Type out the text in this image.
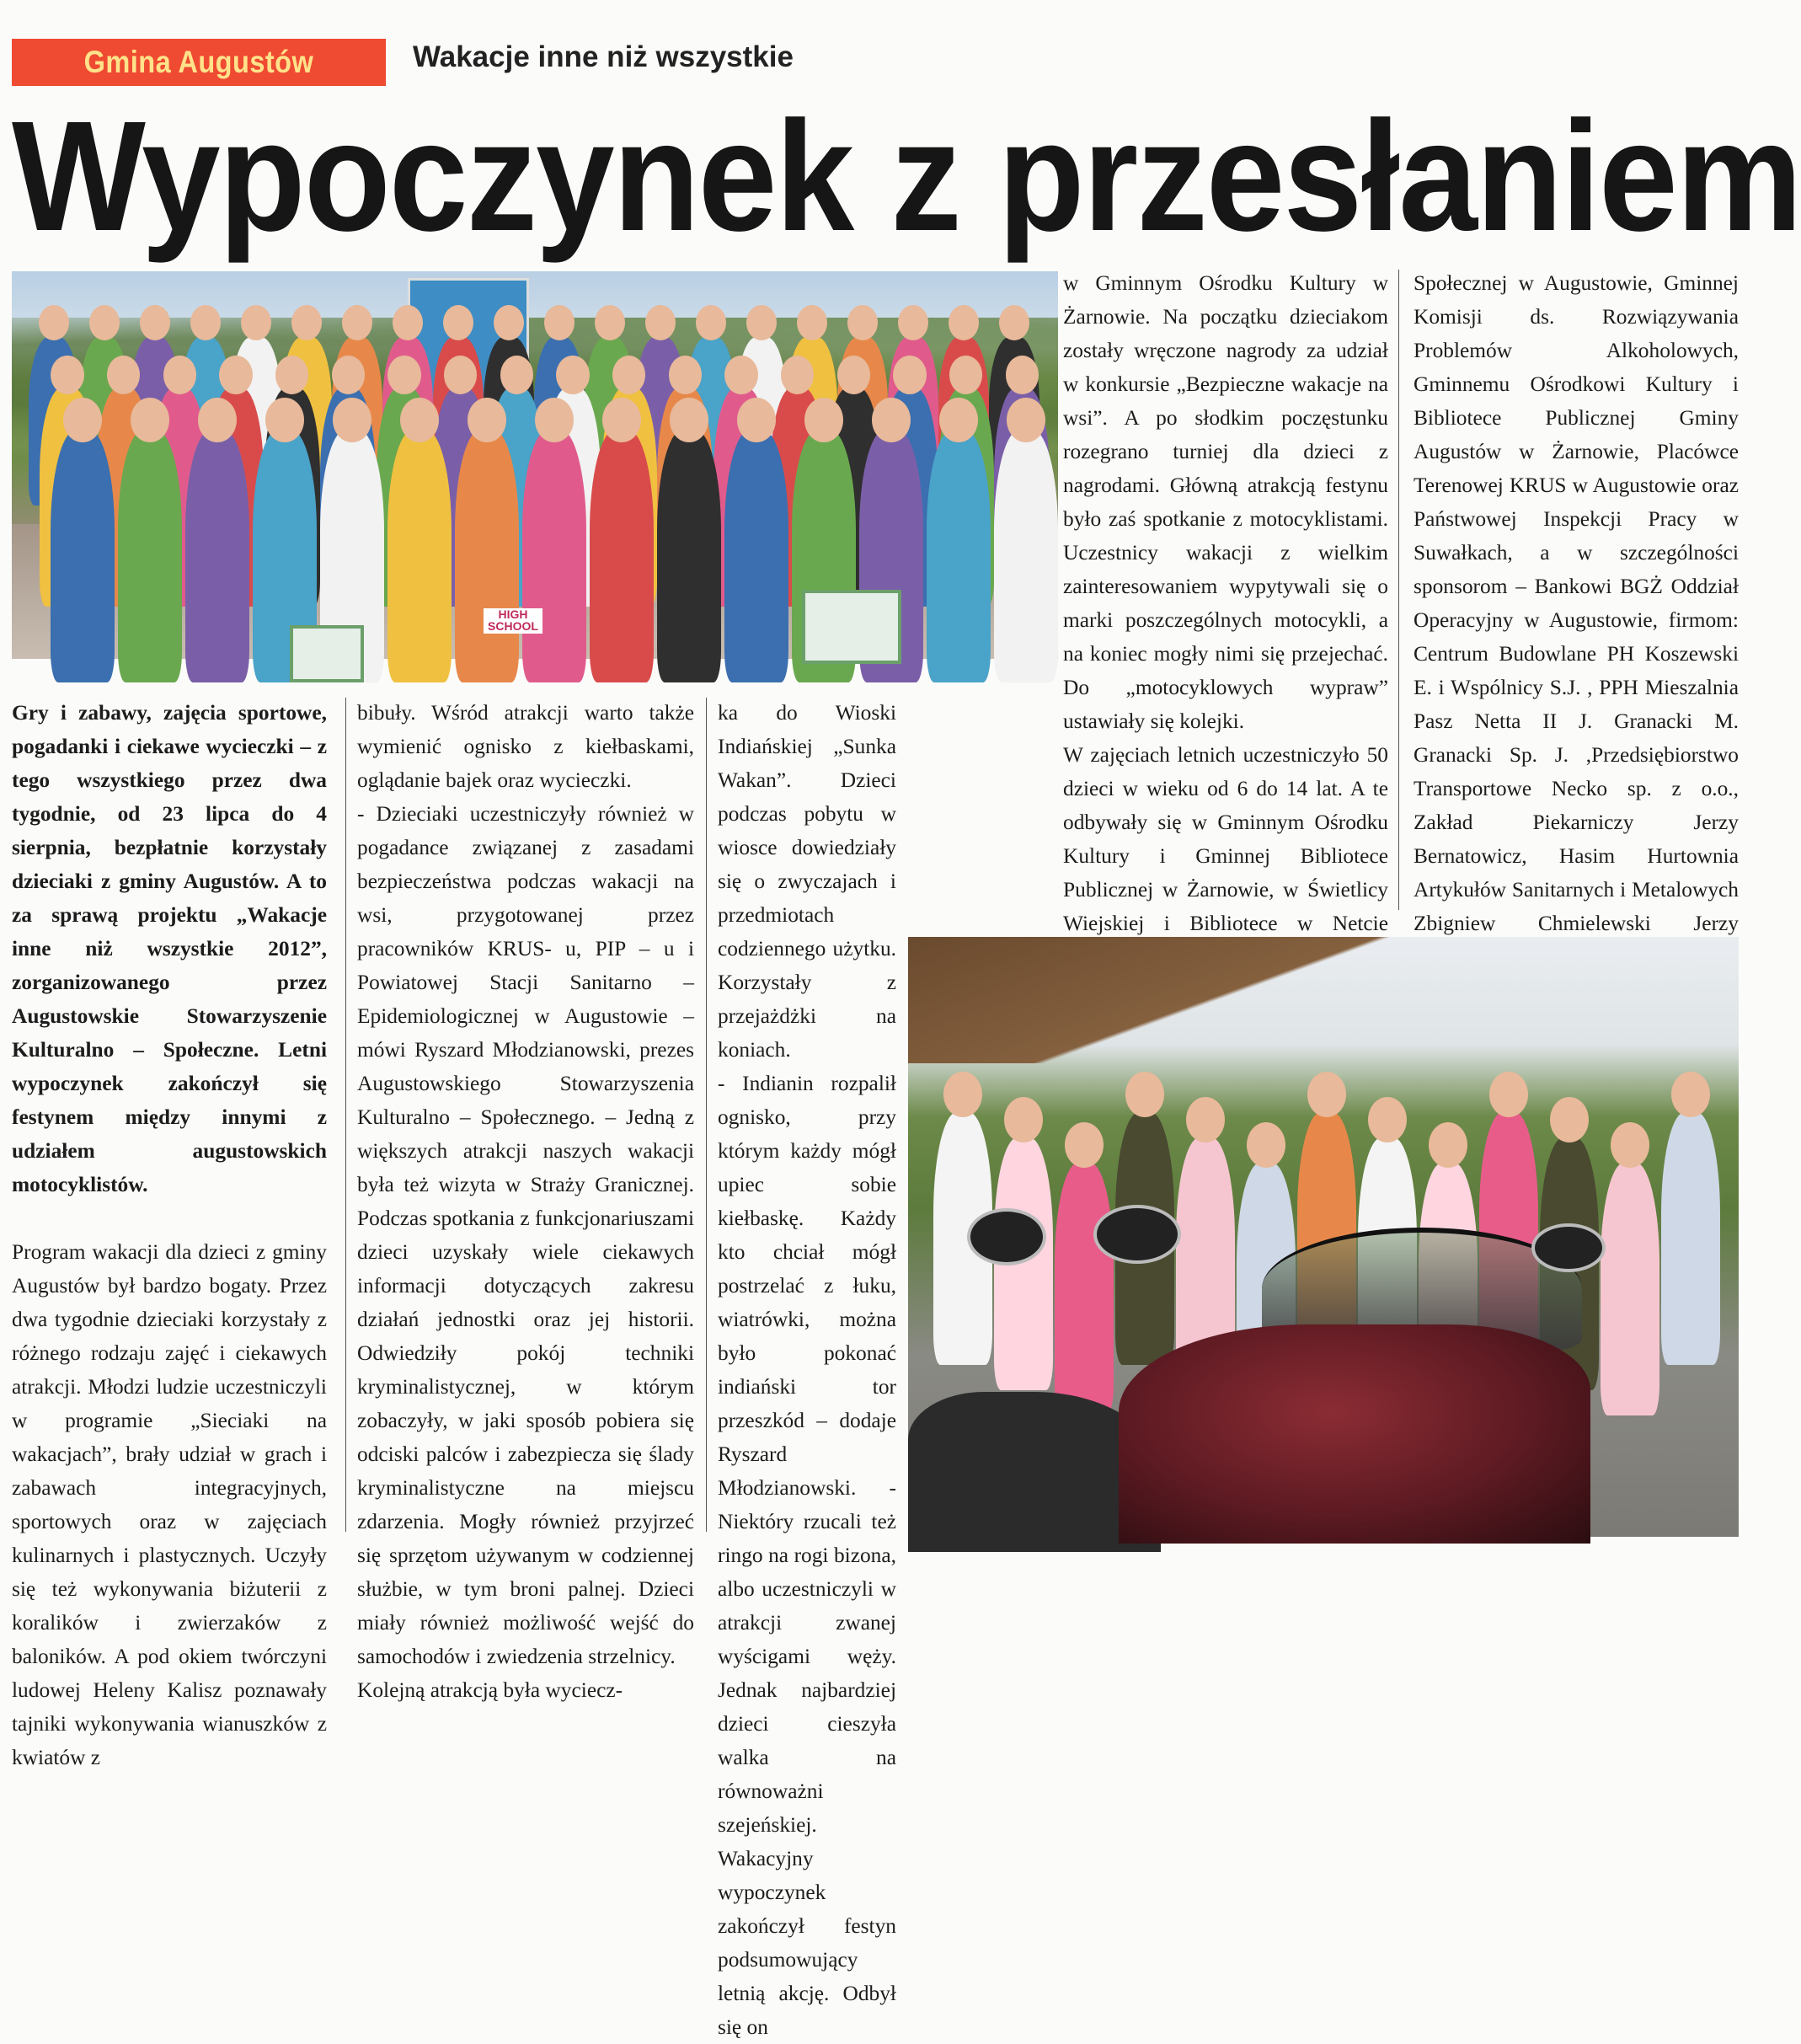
Gmina Augustów	Wakacje inne niż wszystkie
Wypoczynek z przesłaniem
HIGH SCHOOL

Gry i zabawy, zajęcia sportowe, pogadanki i ciekawe wycieczki – z tego wszystkiego przez dwa tygodnie, od 23 lipca do 4 sierpnia, bezpłatnie korzystały dzieciaki z gminy Augustów. A to za sprawą projektu „Wakacje inne niż wszystkie 2012”, zorganizowanego przez Augustowskie Stowarzyszenie Kulturalno – Społeczne. Letni wypoczynek zakończył się festynem między innymi z udziałem augustowskich motocyklistów.

Program wakacji dla dzieci z gminy Augustów był bardzo bogaty. Przez dwa tygodnie dzieciaki korzystały z różnego rodzaju zajęć i ciekawych atrakcji. Młodzi ludzie uczestniczyli w programie „Sieciaki na wakacjach”, brały udział w grach i zabawach integracyjnych, sportowych oraz w zajęciach kulinarnych i plastycznych. Uczyły się też wykonywania biżuterii z koralików i zwierzaków z baloników. A pod okiem twórczyni ludowej Heleny Kalisz poznawały tajniki wykonywania wianuszków z kwiatów z

bibuły. Wśród atrakcji warto także wymienić ognisko z kiełbaskami, oglądanie bajek oraz wycieczki.

- Dzieciaki uczestniczyły również w pogadance związanej z zasadami bezpieczeństwa podczas wakacji na wsi, przygotowanej przez pracowników KRUS- u, PIP – u i Powiatowej Stacji Sanitarno – Epidemiologicznej w Augustowie – mówi Ryszard Młodzianowski, prezes Augustowskiego Stowarzyszenia Kulturalno – Społecznego. – Jedną z większych atrakcji naszych wakacji była też wizyta w Straży Granicznej. Podczas spotkania z funkcjonariuszami dzieci uzyskały wiele ciekawych informacji dotyczących zakresu działań jednostki oraz jej historii. Odwiedziły pokój techniki kryminalistycznej, w którym zobaczyły, w jaki sposób pobiera się odciski palców i zabezpiecza się ślady kryminalistyczne na miejscu zdarzenia. Mogły również przyjrzeć się sprzętom używanym w codziennej służbie, w tym broni palnej. Dzieci miały również możliwość wejść do samochodów i zwiedzenia strzelnicy.

Kolejną atrakcją była wyciecz-

ka do Wioski Indiańskiej „Sunka Wakan”. Dzieci podczas pobytu w wiosce dowiedziały się o zwyczajach i przedmiotach codziennego użytku. Korzystały z przejażdżki na koniach.

- Indianin rozpalił ognisko, przy którym każdy mógł upiec sobie kiełbaskę. Każdy kto chciał mógł postrzelać z łuku, wiatrówki, można było pokonać indiański tor przeszkód – dodaje Ryszard Młodzianowski. - Niektóry rzucali też ringo na rogi bizona, albo uczestniczyli w atrakcji zwanej wyścigami węży. Jednak najbardziej dzieci cieszyła walka na równoważni szejeńskiej.

Wakacyjny wypoczynek zakończył festyn podsumowujący letnią akcję. Odbył się on

w Gminnym Ośrodku Kultury w Żarnowie. Na początku dzieciakom zostały wręczone nagrody za udział w konkursie „Bezpieczne wakacje na wsi”. A po słodkim poczęstunku rozegrano turniej dla dzieci z nagrodami. Główną atrakcją festynu było zaś spotkanie z motocyklistami. Uczestnicy wakacji z wielkim zainteresowaniem wypytywali się o marki poszczególnych motocykli, a na koniec mogły nimi się przejechać. Do „motocyklowych wypraw” ustawiały się kolejki.

W zajęciach letnich uczestniczyło 50 dzieci w wieku od 6 do 14 lat. A te odbywały się w Gminnym Ośrodku Kultury i Gminnej Bibliotece Publicznej w Żarnowie, w Świetlicy Wiejskiej i Bibliotece w Netcie

Społecznej w Augustowie, Gminnej Komisji ds. Rozwiązywania Problemów Alkoholowych, Gminnemu Ośrodkowi Kultury i Bibliotece Publicznej Gminy Augustów w Żarnowie, Placówce Terenowej KRUS w Augustowie oraz Państwowej Inspekcji Pracy w Suwałkach, a w szczególności sponsorom – Bankowi BGŻ Oddział Operacyjny w Augustowie, firmom: Centrum Budowlane PH Koszewski E. i Wspólnicy S.J. , PPH Mieszalnia Pasz Netta II J. Granacki M. Granacki Sp. J. ,Przedsiębiorstwo Transportowe Necko sp. z o.o., Zakład Piekarniczy Jerzy Bernatowicz, Hasim Hurtownia Artykułów Sanitarnych i Metalowych Zbigniew Chmielewski Jerzy
